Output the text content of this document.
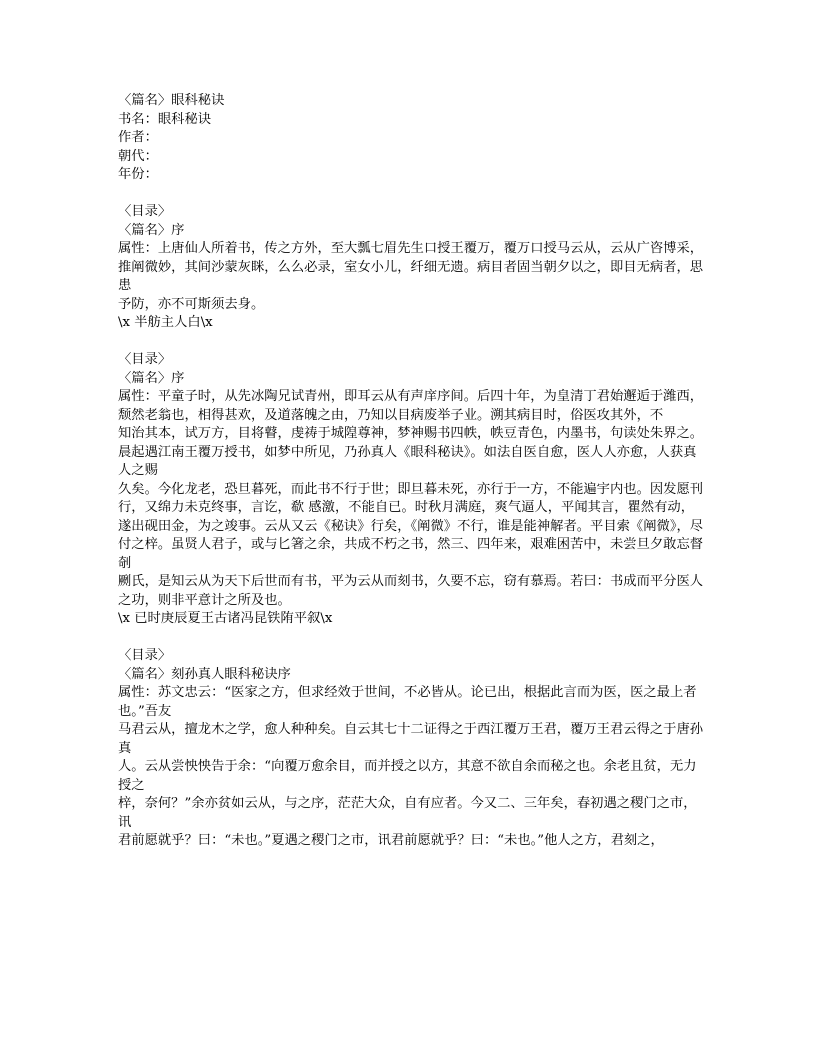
〈篇名〉眼科秘诀

书名：眼科秘诀

作者：

朝代：

年份：

〈目录〉

〈篇名〉序

属性：上唐仙人所着书，传之方外，至大瓢七眉先生口授王覆万，覆万口授马云从，云从广咨博采，

推阐微妙，其间沙蒙灰眯，么么必录，室女小儿，纤细无遗。病目者固当朝夕以之，即目无病者，思患

予防，亦不可斯须去身。

\x 半舫主人白\x

〈目录〉

〈篇名〉序

属性：平童子时，从先冰陶兄试青州，即耳云从有声庠序间。后四十年，为皇清丁君始邂逅于潍西，颓然老翁也，相得甚欢，及道落魄之由，乃知以目病废举子业。溯其病目时，俗医攻其外，不

知治其本，试万方，目将瞽，虔祷于城隍尊神，梦神赐书四帙，帙豆青色，内墨书，句读处朱界之。

晨起遇江南王覆万授书，如梦中所见，乃孙真人《眼科秘诀》。如法自医自愈，医人人亦愈，人获真人之赐

久矣。今化龙老，恐旦暮死，而此书不行于世；即旦暮未死，亦行于一方，不能遍宇内也。因发愿刊

行，又绵力未克终事，言讫，欷 感激，不能自已。时秋月满庭，爽气逼人，平闻其言，瞿然有动，遂出砚田金，为之竣事。云从又云《秘诀》行矣，《阐微》不行，谁是能神解者。平目索《阐微》，尽

付之梓。虽贤人君子，或与匕箸之余，共成不朽之书，然三、四年来，艰难困苦中，未尝旦夕敢忘督剞

劂氏，是知云从为天下后世而有书，平为云从而刻书，久要不忘，窃有慕焉。若曰：书成而平分医人

之功，则非平意计之所及也。

\x 已时庚辰夏王古诸冯昆铁陏平叙\x

〈目录〉

〈篇名〉刻孙真人眼科秘诀序

属性：苏文忠云：“医家之方，但求经效于世间，不必皆从。论已出，根据此言而为医，医之最上者也。”吾友

马君云从，擅龙木之学，愈人种种矣。自云其七十二证得之于西江覆万王君，覆万王君云得之于唐孙真

人。云从尝怏怏告于余：“向覆万愈余目，而并授之以方，其意不欲自余而秘之也。余老且贫，无力授之

梓，奈何？”余亦贫如云从，与之序，茫茫大众，自有应者。今又二、三年矣，春初遇之稷门之市，讯

君前愿就乎？曰：“未也。”夏遇之稷门之市，讯君前愿就乎？曰：“未也。”他人之方，君刻之，
